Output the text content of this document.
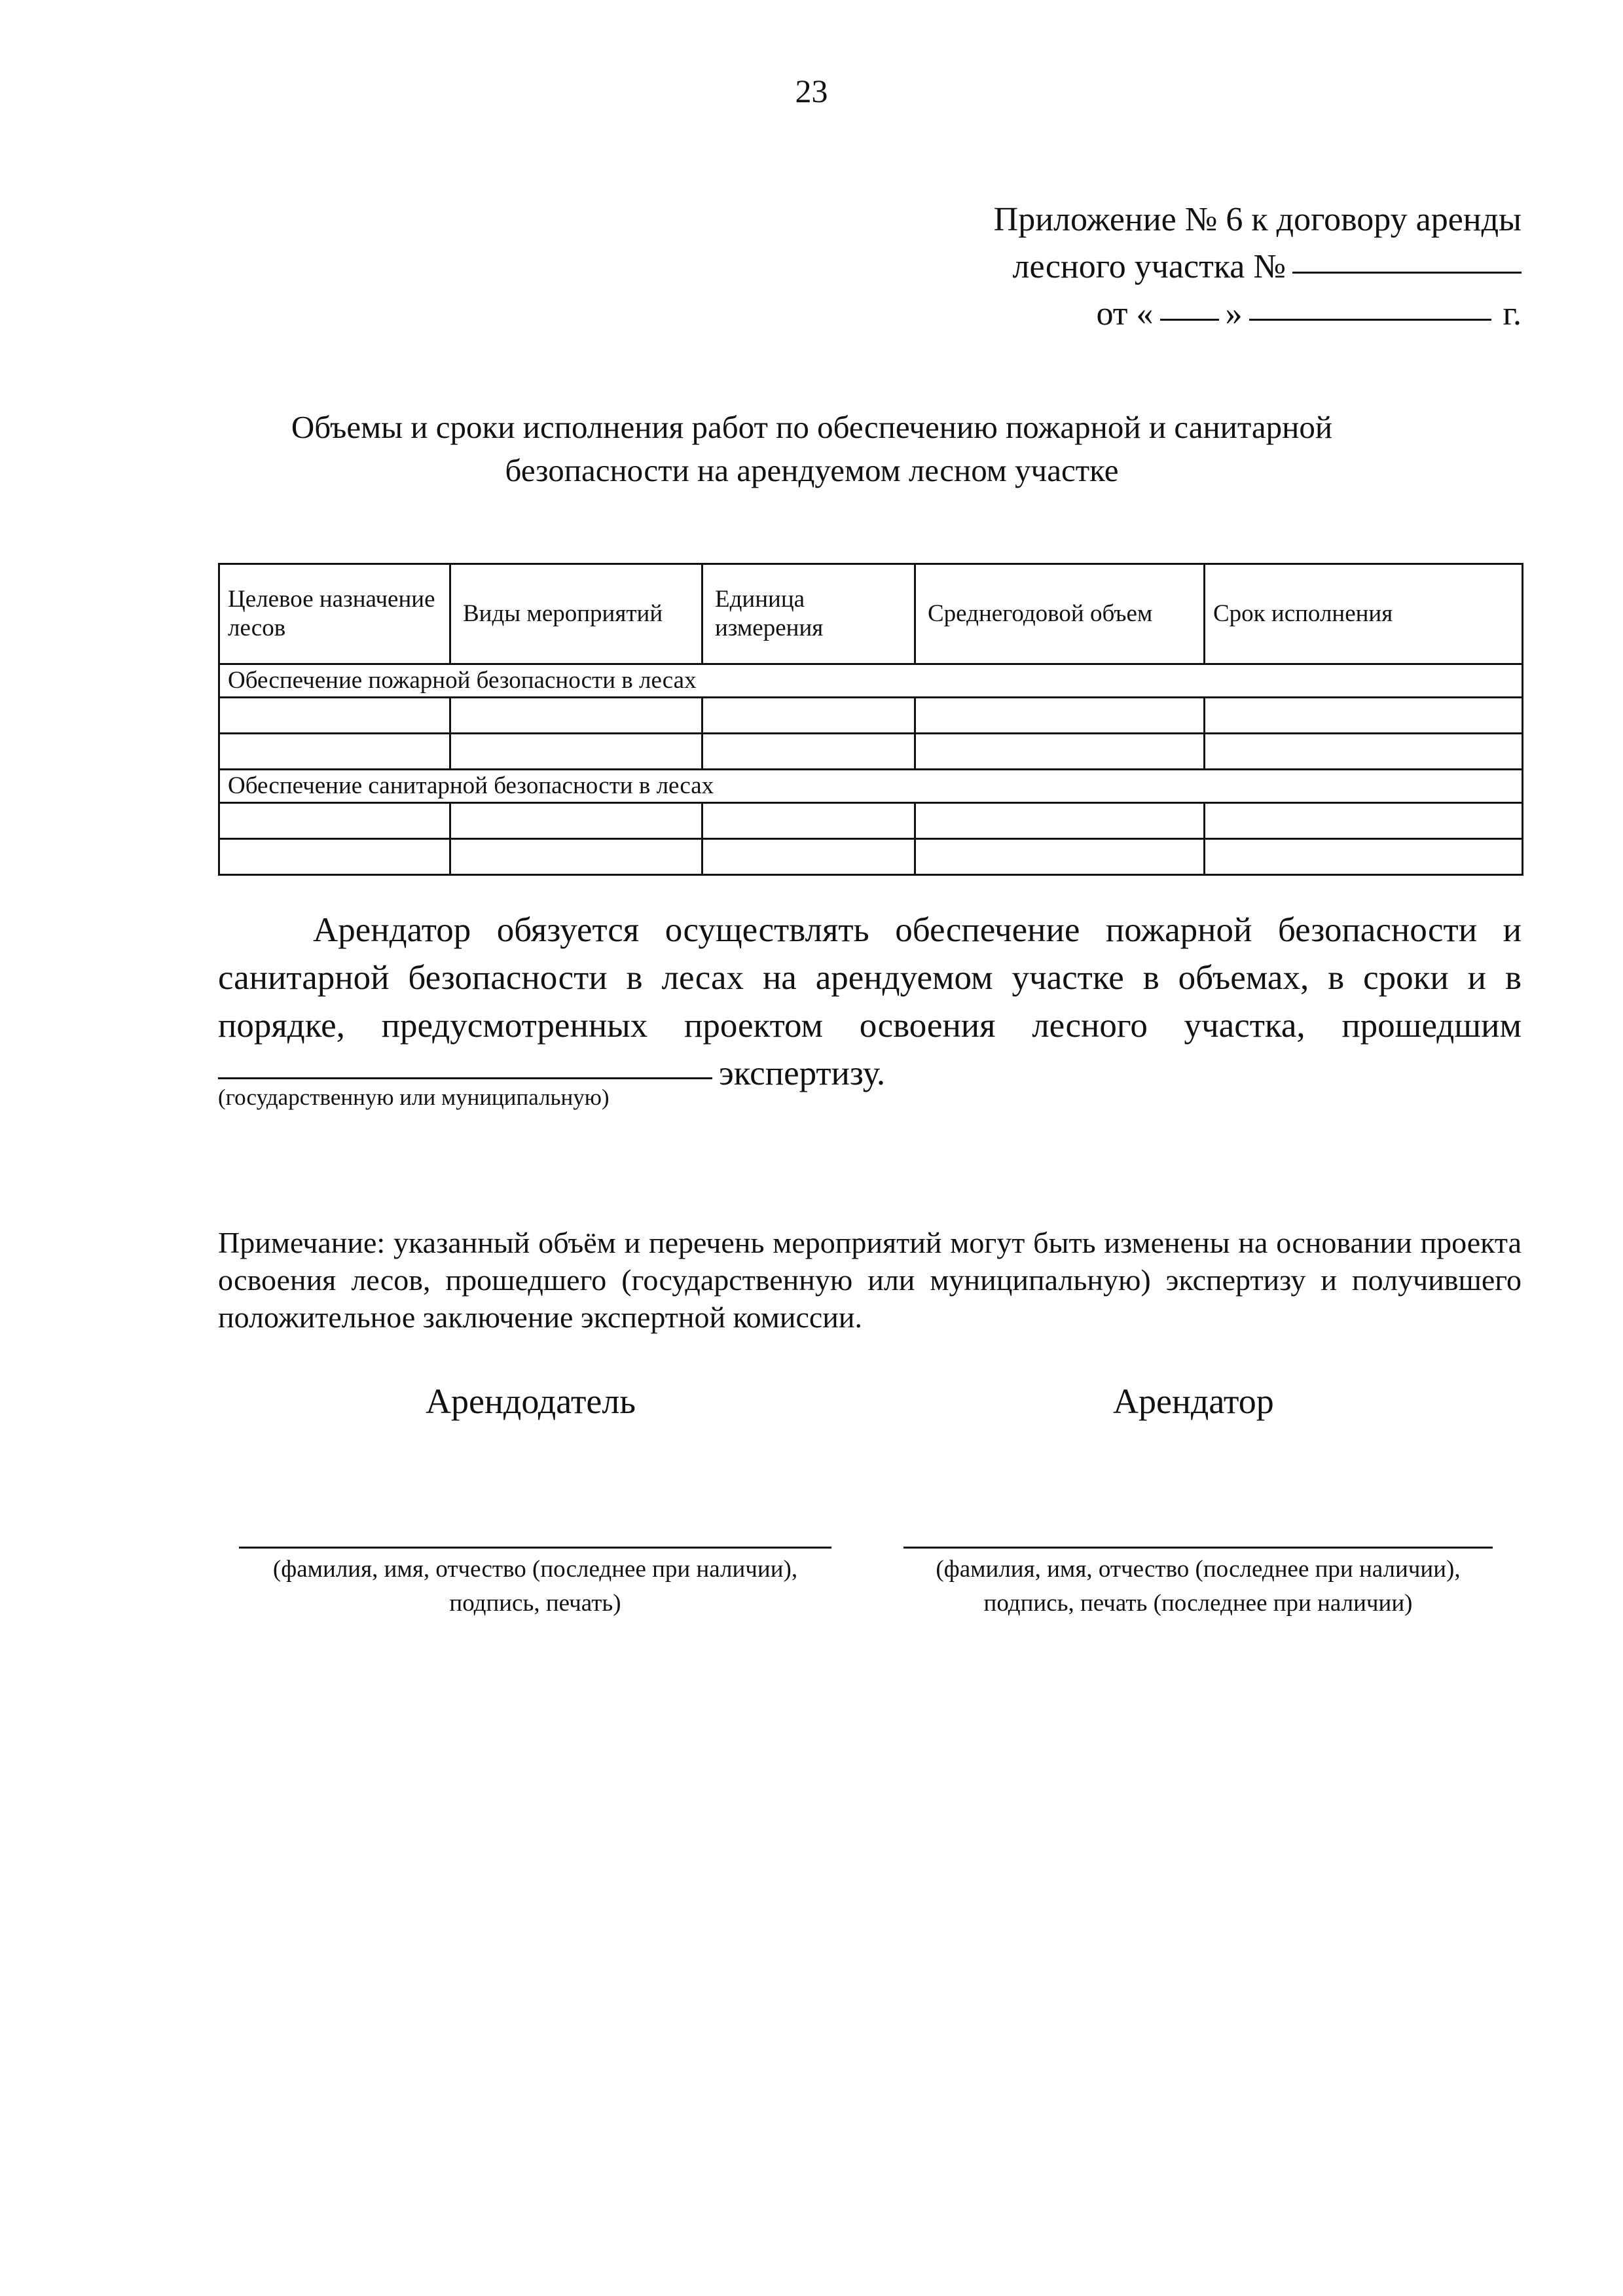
23
Приложение № 6 к договору аренды
лесного участка №
от « »	г.
Объемы и сроки исполнения работ по обеспечению пожарной и санитарной
безопасности на арендуемом лесном участке
Целевое назначение лесов	Виды мероприятий	Единица измерения	Среднегодовой объем	Срок исполнения
Обеспечение пожарной безопасности в лесах				

Обеспечение санитарной безопасности в лесах				

Арендатор обязуется осуществлять обеспечение пожарной безопасности и санитарной безопасности в лесах на арендуемом участке в объемах, в сроки и в порядке, предусмотренных проектом освоения лесного участка, прошедшим экспертизу.
(государственную или муниципальную)
Примечание: указанный объём и перечень мероприятий могут быть изменены на основании проекта освоения лесов, прошедшего (государственную или муниципальную) экспертизу и получившего положительное заключение экспертной комиссии.
Арендодатель	Арендатор
(фамилия, имя, отчество (последнее при наличии),
подпись, печать)
(фамилия, имя, отчество (последнее при наличии),
подпись, печать (последнее при наличии)
